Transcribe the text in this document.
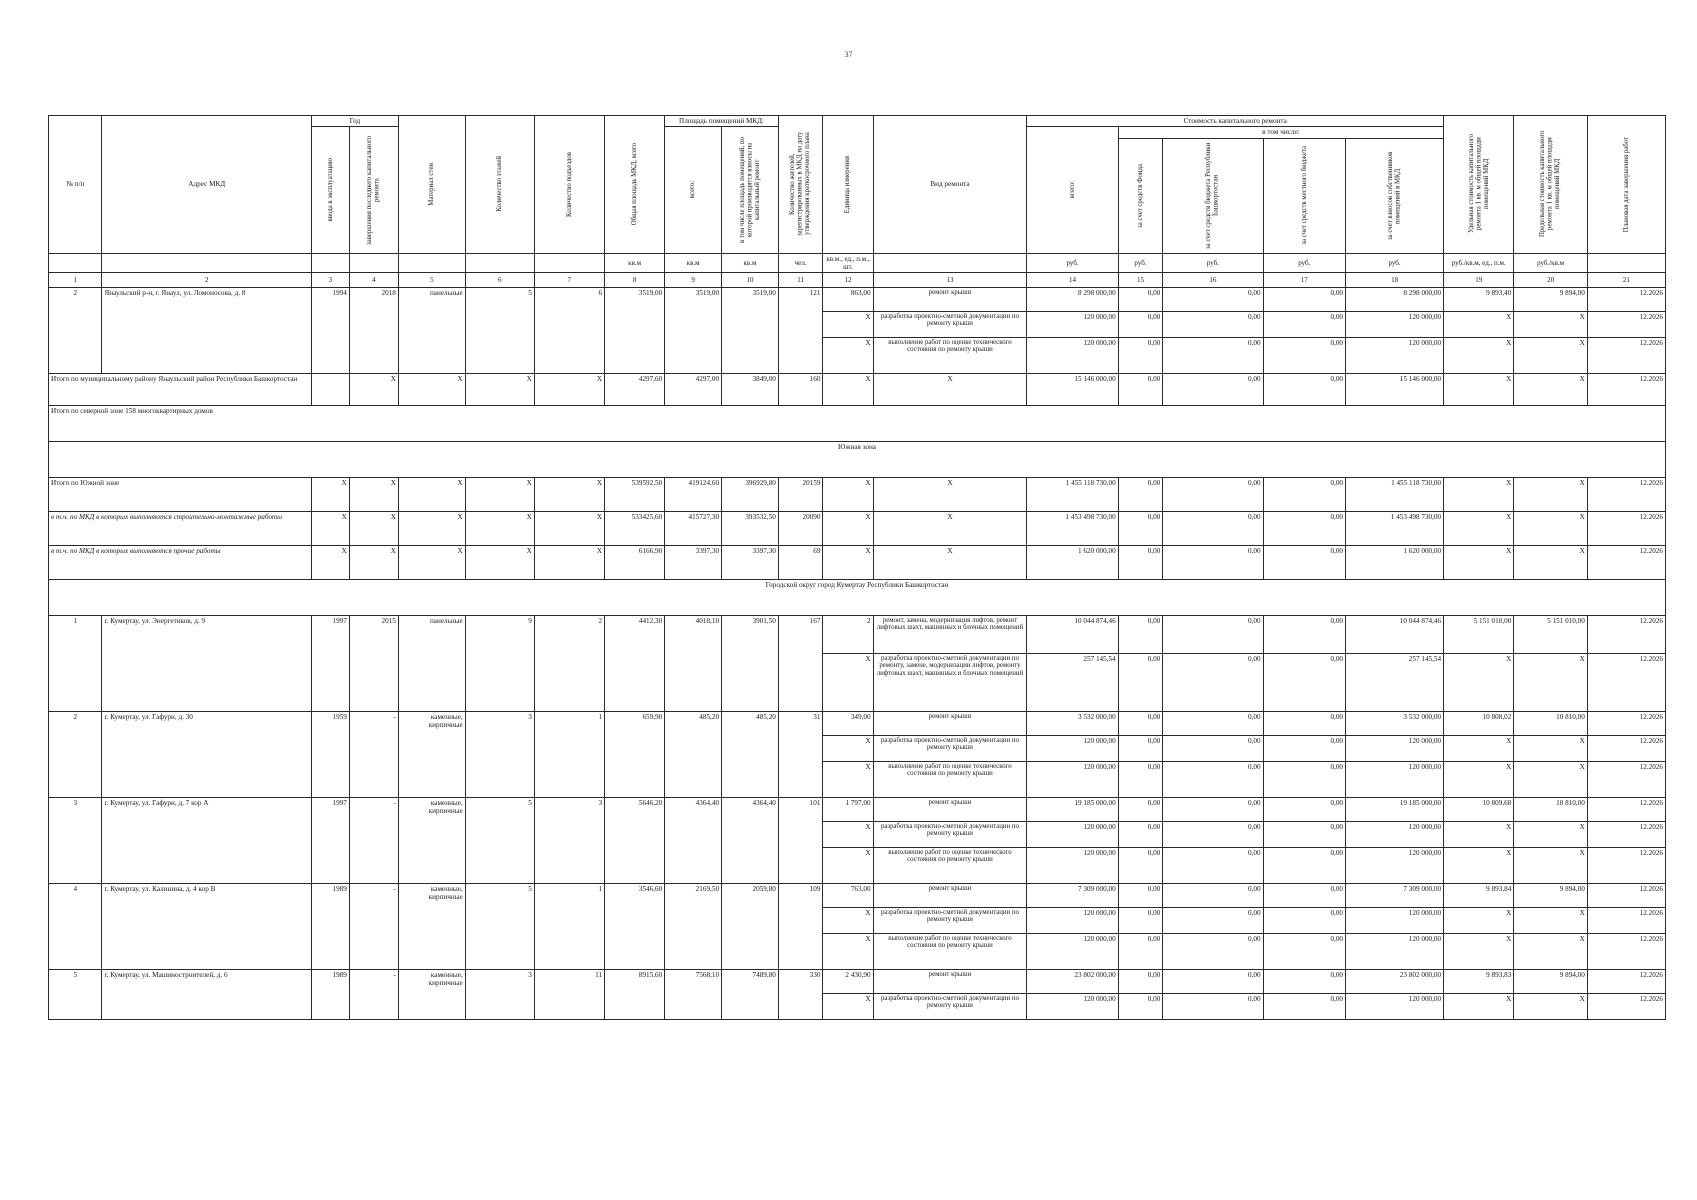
37
№ п/п	Адрес МКД	Год		Материал стен	Количество этажей	Количество подъездов	Общая площадь МКД, всего	Площадь помещений МКД:		Количество жителей, зарегистрированных в МКД на дату утверждения краткосрочного плана	Единица измерения	Вид ремонта	Стоимость капитального ремонта					Удельная стоимость капитального ремонта 1 кв. м общей площади помещений МКД	Предельная стоимость капитального ремонта 1 кв. м общей площади помещений МКД	Плановая дата завершения работ

		ввода в эксплуатацию	завершения последнего капитального ремонта					всего:	в том числе площадь помещений, по которой производятся взносы на капитальный ремонт				всего:	в том числе:						

														за счет средств Фонда	за счет средств бюджета Республики Башкортостан	за счет средств местного бюджета	за счет взносов собственников помещений в МКД			

							кв.м	кв.м	кв.м	чел.	кв.м., ед., п.м., шт.		руб.	руб.	руб.	руб.	руб.	руб./кв.м, ед., п.м.	руб./кв.м	
1	2	3	4	5	6	7	8	9	10	11	12	13	14	15	16	17	18	19	20	21
2	Янаульский р-н, г. Янаул, ул. Ломоносова, д. 8	1994	2018	панельные	5	6	3519,00	3519,00	3519,00	121	863,00	ремонт крыши	8 298 000,00	0,00	0,00	0,00	8 298 000,00	9 893,40	9 894,00	12.2026
											X	разработка проектно-сметной документации по ремонту крыши	120 000,00	0,00	0,00	0,00	120 000,00	X	X	12.2026
											X	выполнение работ по оценке технического состояния по ремонту крыши	120 000,00	0,00	0,00	0,00	120 000,00	X	X	12.2026
Итого по муниципальному району Янаульский район Республики Башкортостан			X	X	X	X	4297,60	4297,00	3849,00	160	X	X	15 146 000,00	0,00	0,00	0,00	15 146 000,00	X	X	12.2026
Итого по северной зоне 158 многоквартирных домов																				
Южная зона																				
Итого по Южной зоне		X	X	X	X	X	539592,50	419124,60	396929,80	20159	X	X	1 455 118 730,00	0,00	0,00	0,00	1 455 118 730,00	X	X	12.2026
в т.ч. по МКД в которых выполняются строительно-монтажные работы		X	X	X	X	X	533425,60	415727,30	393532,50	20090	X	X	1 453 498 730,00	0,00	0,00	0,00	1 453 498 730,00	X	X	12.2026
в т.ч. по МКД в которых выполняются прочие работы		X	X	X	X	X	6166,90	3397,30	3397,30	69	X	X	1 620 000,00	0,00	0,00	0,00	1 620 000,00	X	X	12.2026
Городской округ город Кумертау Республики Башкортостан																				
1	г. Кумертау, ул. Энергетиков, д. 9	1997	2015	панельные	9	2	4412,30	4018,10	3901,50	167	2	ремонт, замена, модернизация лифтов, ремонт лифтовых шахт, машинных и блочных помещений	10 044 874,46	0,00	0,00	0,00	10 044 874,46	5 151 010,00	5 151 010,00	12.2026
											X	разработка проектно-сметной документации по ремонту, замене, модернизации лифтов, ремонту лифтовых шахт, машинных и блочных помещений	257 145,54	0,00	0,00	0,00	257 145,54	X	X	12.2026
2	г. Кумертау, ул. Гафури, д. 30	1959	-	каменные, кирпичные	3	1	659,90	485,20	485,20	31	349,00	ремонт крыши	3 532 000,00	0,00	0,00	0,00	3 532 000,00	10 808,02	10 810,00	12.2026
											X	разработка проектно-сметной документации по ремонту крыши	120 000,00	0,00	0,00	0,00	120 000,00	X	X	12.2026
											X	выполнение работ по оценке технического состояния по ремонту крыши	120 000,00	0,00	0,00	0,00	120 000,00	X	X	12.2026
3	г. Кумертау, ул. Гафури, д. 7 кор А	1997	-	каменные, кирпичные	5	3	5646,20	4364,40	4364,40	101	1 797,00	ремонт крыши	19 185 000,00	0,00	0,00	0,00	19 185 000,00	10 809,68	10 810,00	12.2026
											X	разработка проектно-сметной документации по ремонту крыши	120 000,00	0,00	0,00	0,00	120 000,00	X	X	12.2026
											X	выполнение работ по оценке технического состояния по ремонту крыши	120 000,00	0,00	0,00	0,00	120 000,00	X	X	12.2026
4	г. Кумертау, ул. Калинина, д. 4 кор В	1989	-	каменные, кирпичные	5	1	3546,60	2169,50	2059,80	109	763,00	ремонт крыши	7 309 000,00	0,00	0,00	0,00	7 309 000,00	9 893,84	9 894,00	12.2026
											X	разработка проектно-сметной документации по ремонту крыши	120 000,00	0,00	0,00	0,00	120 000,00	X	X	12.2026
											X	выполнение работ по оценке технического состояния по ремонту крыши	120 000,00	0,00	0,00	0,00	120 000,00	X	X	12.2026
5	г. Кумертау, ул. Машиностроителей, д. 6	1989	-	каменные, кирпичные	3	11	8915,60	7568,10	7489,80	330	2 430,90	ремонт крыши	23 802 000,00	0,00	0,00	0,00	23 802 000,00	9 893,83	9 894,00	12.2026
											X	разработка проектно-сметной документации по ремонту крыши	120 000,00	0,00	0,00	0,00	120 000,00	X	X	12.2026
